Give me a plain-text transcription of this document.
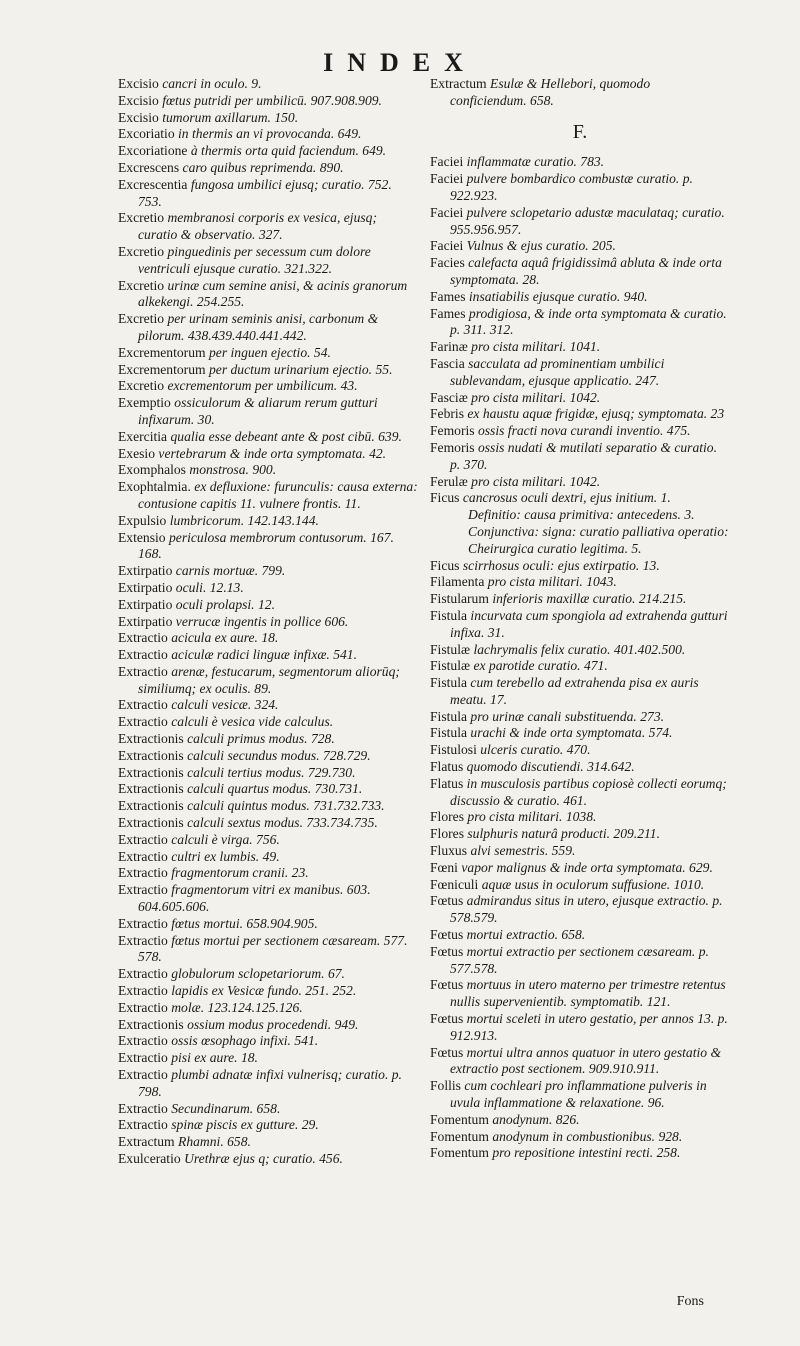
INDEX

Excisio cancri in oculo. 9.

Excisio fœtus putridi per umbilicū. 907.908.909.

Excisio tumorum axillarum. 150.

Excoriatio in thermis an vi provocanda. 649.

Excoriatione à thermis orta quid faciendum. 649.

Excrescens caro quibus reprimenda. 890.

Excrescentia fungosa umbilici ejusq; curatio. 752. 753.

Excretio membranosi corporis ex vesica, ejusq; curatio & observatio. 327.

Excretio pinguedinis per secessum cum dolore ventriculi ejusque curatio. 321.322.

Excretio urinæ cum semine anisi, & acinis granorum alkekengi. 254.255.

Excretio per urinam seminis anisi, carbonum & pilorum. 438.439.440.441.442.

Excrementorum per inguen ejectio. 54.

Excrementorum per ductum urinarium ejectio. 55.

Excretio excrementorum per umbilicum. 43.

Exemptio ossiculorum & aliarum rerum gutturi infixarum. 30.

Exercitia qualia esse debeant ante & post cibū. 639.

Exesio vertebrarum & inde orta symptomata. 42.

Exomphalos monstrosa. 900.

Exophtalmia. ex defluxione: furunculis: causa externa: contusione capitis 11. vulnere frontis. 11.

Expulsio lumbricorum. 142.143.144.

Extensio periculosa membrorum contusorum. 167. 168.

Extirpatio carnis mortuæ. 799.

Extirpatio oculi. 12.13.

Extirpatio oculi prolapsi. 12.

Extirpatio verrucæ ingentis in pollice 606.

Extractio acicula ex aure. 18.

Extractio aciculæ radici linguæ infixæ. 541.

Extractio arenæ, festucarum, segmentorum aliorūq; similiumq; ex oculis. 89.

Extractio calculi vesicæ. 324.

Extractio calculi è vesica vide calculus.

Extractionis calculi primus modus. 728.

Extractionis calculi secundus modus. 728.729.

Extractionis calculi tertius modus. 729.730.

Extractionis calculi quartus modus. 730.731.

Extractionis calculi quintus modus. 731.732.733.

Extractionis calculi sextus modus. 733.734.735.

Extractio calculi è virga. 756.

Extractio cultri ex lumbis. 49.

Extractio fragmentorum cranii. 23.

Extractio fragmentorum vitri ex manibus. 603. 604.605.606.

Extractio fœtus mortui. 658.904.905.

Extractio fœtus mortui per sectionem cæsaream. 577. 578.

Extractio globulorum sclopetariorum. 67.

Extractio lapidis ex Vesicæ fundo. 251. 252.

Extractio molæ. 123.124.125.126.

Extractionis ossium modus procedendi. 949.

Extractio ossis œsophago infixi. 541.

Extractio pisi ex aure. 18.

Extractio plumbi adnatæ infixi vulnerisq; curatio. p. 798.

Extractio Secundinarum. 658.

Extractio spinæ piscis ex gutture. 29.

Extractum Rhamni. 658.

Exulceratio Urethræ ejus q; curatio. 456.

Extractum Esulæ & Hellebori, quomodo conficiendum. 658.

F.

Faciei inflammatæ curatio. 783.

Faciei pulvere bombardico combustæ curatio. p. 922.923.

Faciei pulvere sclopetario adustæ maculataq; curatio. 955.956.957.

Faciei Vulnus & ejus curatio. 205.

Facies calefacta aquâ frigidissimâ abluta & inde orta symptomata. 28.

Fames insatiabilis ejusque curatio. 940.

Fames prodigiosa, & inde orta symptomata & curatio. p. 311. 312.

Farinæ pro cista militari. 1041.

Fascia sacculata ad prominentiam umbilici sublevandam, ejusque applicatio. 247.

Fasciæ pro cista militari. 1042.

Febris ex haustu aquæ frigidæ, ejusq; symptomata. 23

Femoris ossis fracti nova curandi inventio. 475.

Femoris ossis nudati & mutilati separatio & curatio. p. 370.

Ferulæ pro cista militari. 1042.

Ficus cancrosus oculi dextri, ejus initium. 1.

Definitio: causa primitiva: antecedens. 3.

Conjunctiva: signa: curatio palliativa operatio: Cheirurgica curatio legitima. 5.

Ficus scirrhosus oculi: ejus extirpatio. 13.

Filamenta pro cista militari. 1043.

Fistularum inferioris maxillæ curatio. 214.215.

Fistula incurvata cum spongiola ad extrahenda gutturi infixa. 31.

Fistulæ lachrymalis felix curatio. 401.402.500.

Fistulæ ex parotide curatio. 471.

Fistula cum terebello ad extrahenda pisa ex auris meatu. 17.

Fistula pro urinæ canali substituenda. 273.

Fistula urachi & inde orta symptomata. 574.

Fistulosi ulceris curatio. 470.

Flatus quomodo discutiendi. 314.642.

Flatus in musculosis partibus copiosè collecti eorumq; discussio & curatio. 461.

Flores pro cista militari. 1038.

Flores sulphuris naturâ producti. 209.211.

Fluxus alvi semestris. 559.

Fœni vapor malignus & inde orta symptomata. 629.

Fœniculi aquæ usus in oculorum suffusione. 1010.

Fœtus admirandus situs in utero, ejusque extractio. p. 578.579.

Fœtus mortui extractio. 658.

Fœtus mortui extractio per sectionem cæsaream. p. 577.578.

Fœtus mortuus in utero materno per trimestre retentus nullis supervenientib. symptomatib. 121.

Fœtus mortui sceleti in utero gestatio, per annos 13. p. 912.913.

Fœtus mortui ultra annos quatuor in utero gestatio & extractio post sectionem. 909.910.911.

Follis cum cochleari pro inflammatione pulveris in uvula inflammatione & relaxatione. 96.

Fomentum anodynum. 826.

Fomentum anodynum in combustionibus. 928.

Fomentum pro repositione intestini recti. 258.

Fons
